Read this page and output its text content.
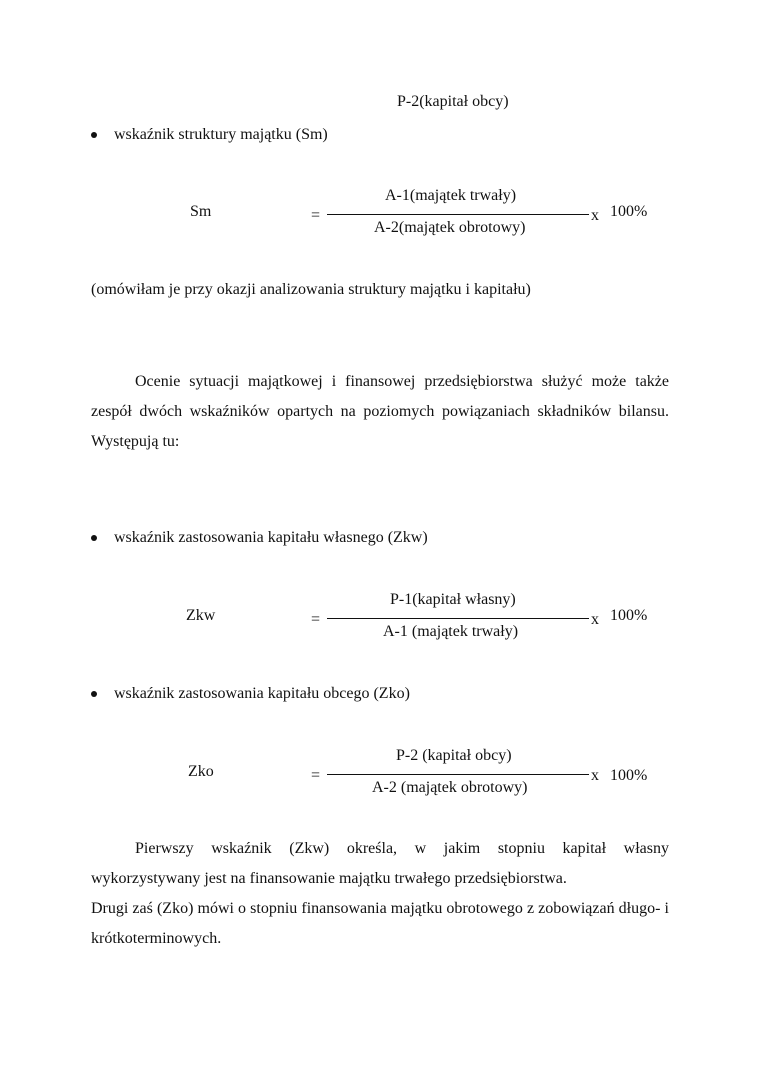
P-2(kapitał obcy)
wskaźnik struktury majątku (Sm)
Sm	=
A-1(majątek trwały)
A-2(majątek obrotowy)
x 100%
(omówiłam je przy okazji analizowania struktury majątku i kapitału)
Ocenie sytuacji majątkowej i finansowej przedsiębiorstwa służyć może także zespół dwóch wskaźników opartych na poziomych powiązaniach składników bilansu. Występują tu:
wskaźnik zastosowania kapitału własnego (Zkw)
Zkw	=
P-1(kapitał własny)
A-1 (majątek trwały)
x 100%
wskaźnik zastosowania kapitału obcego (Zko)
Zko	=
P-2 (kapitał obcy)
A-2 (majątek obrotowy)
x 100%

Pierwszy wskaźnik (Zkw) określa, w jakim stopniu kapitał własny wykorzystywany jest na finansowanie majątku trwałego przedsiębiorstwa.

Drugi zaś (Zko) mówi o stopniu finansowania majątku obrotowego z zobowiązań długo- i krótkoterminowych.
